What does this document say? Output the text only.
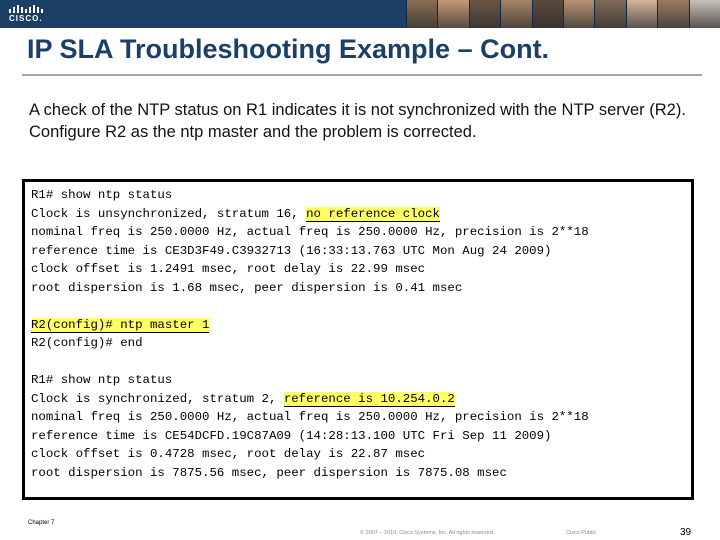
CISCO.
IP SLA Troubleshooting Example – Cont.
A check of the NTP status on R1 indicates it is not synchronized with the NTP server (R2). Configure R2 as the ntp master and the problem is corrected.
R1# show ntp status
Clock is unsynchronized, stratum 16, no reference clock
nominal freq is 250.0000 Hz, actual freq is 250.0000 Hz, precision is 2**18
reference time is CE3D3F49.C3932713 (16:33:13.763 UTC Mon Aug 24 2009)
clock offset is 1.2491 msec, root delay is 22.99 msec
root dispersion is 1.68 msec, peer dispersion is 0.41 msec
R2(config)# ntp master 1
R2(config)# end
R1# show ntp status
Clock is synchronized, stratum 2, reference is 10.254.0.2
nominal freq is 250.0000 Hz, actual freq is 250.0000 Hz, precision is 2**18
reference time is CE54DCFD.19C87A09 (14:28:13.100 UTC Fri Sep 11 2009)
clock offset is 0.4728 msec, root delay is 22.87 msec
root dispersion is 7875.56 msec, peer dispersion is 7875.08 msec
Chapter 7
© 2007 – 2010, Cisco Systems, Inc. All rights reserved.	Cisco Public	39
